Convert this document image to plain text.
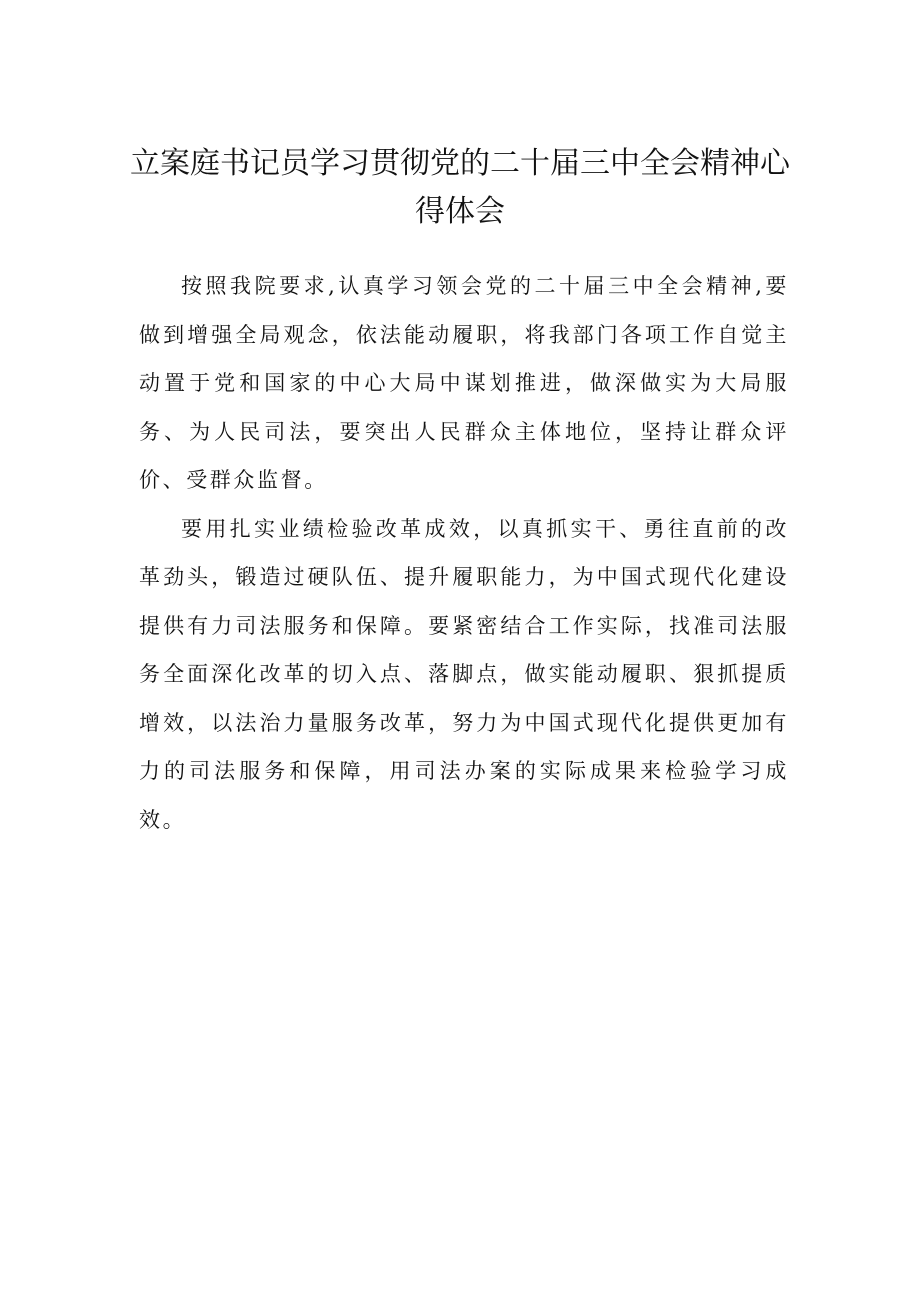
立案庭书记员学习贯彻党的二十届三中全会精神心得体会

按照我院要求,认真学习领会党的二十届三中全会精神,要做到增强全局观念，依法能动履职，将我部门各项工作自觉主动置于党和国家的中心大局中谋划推进，做深做实为大局服务、为人民司法，要突出人民群众主体地位，坚持让群众评价、受群众监督。

要用扎实业绩检验改革成效，以真抓实干、勇往直前的改革劲头，锻造过硬队伍、提升履职能力，为中国式现代化建设提供有力司法服务和保障。要紧密结合工作实际，找准司法服务全面深化改革的切入点、落脚点，做实能动履职、狠抓提质增效，以法治力量服务改革，努力为中国式现代化提供更加有力的司法服务和保障，用司法办案的实际成果来检验学习成效。
